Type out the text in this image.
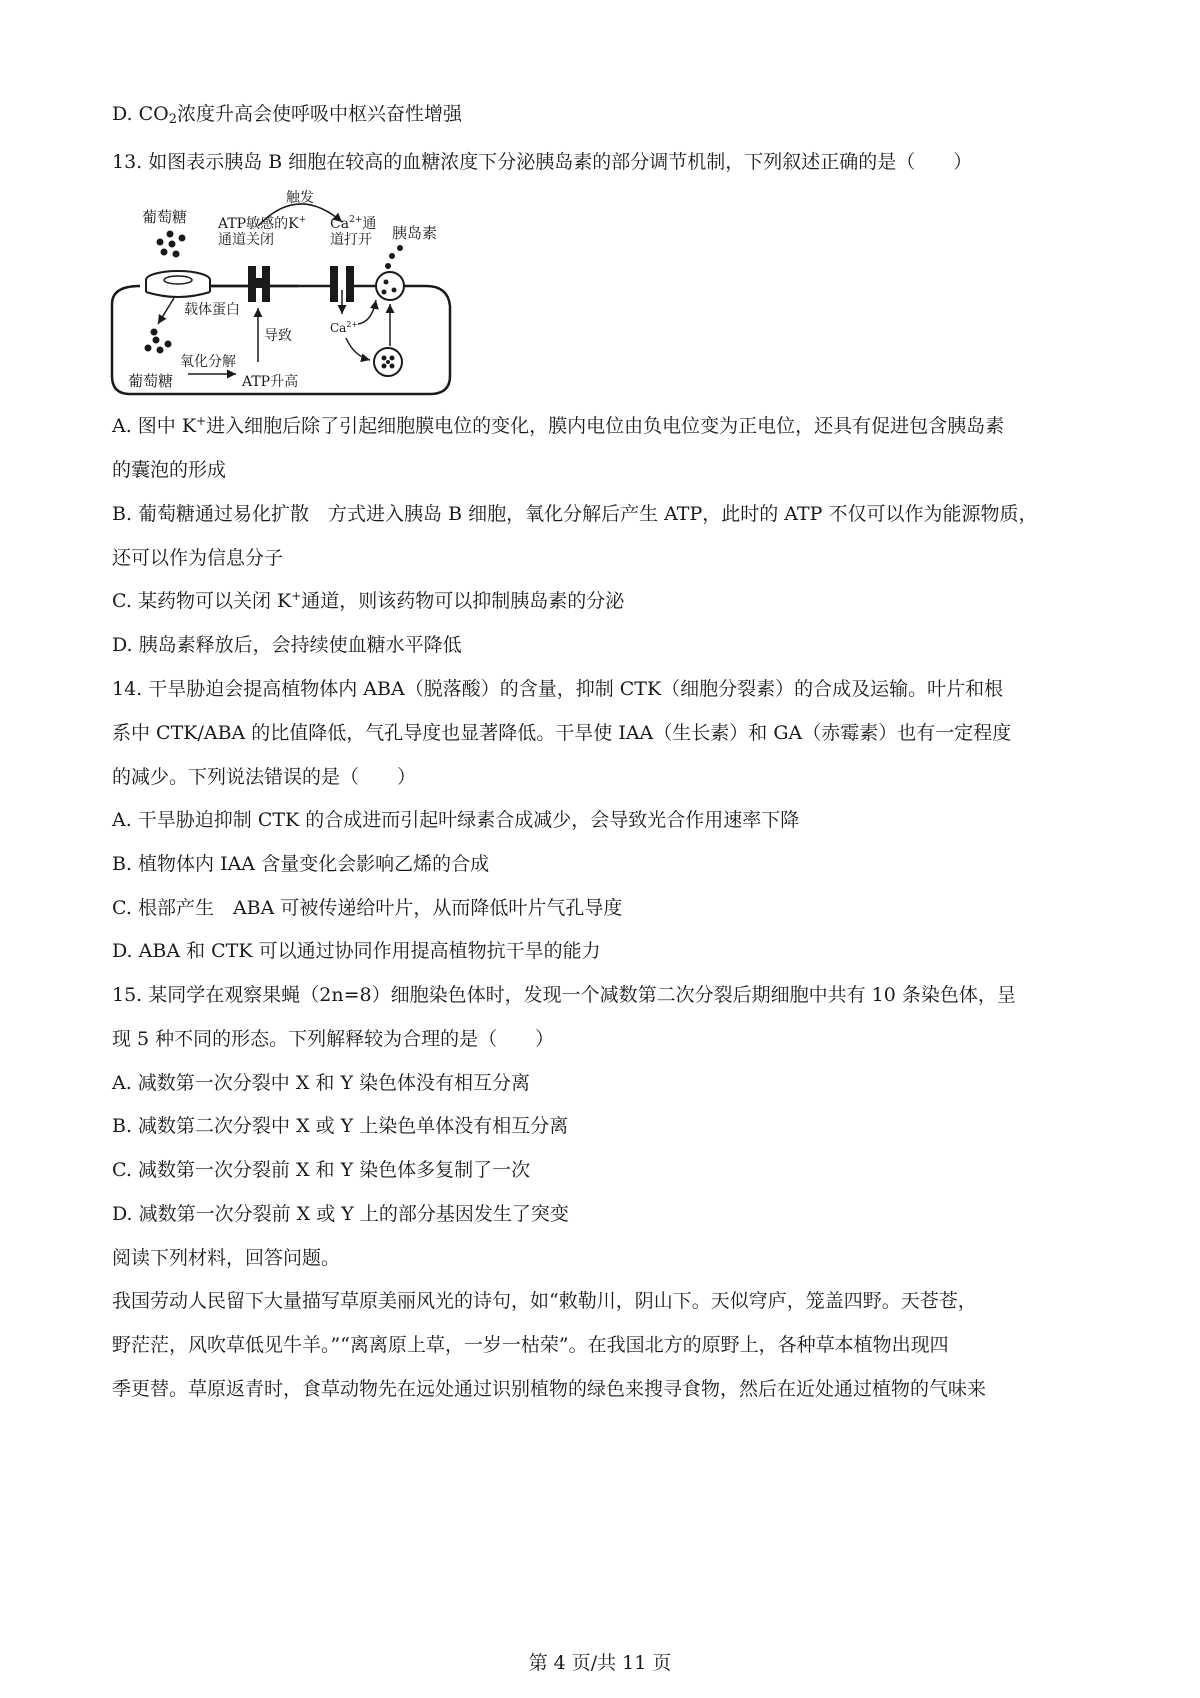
D. $CO_2$浓度升高会使呼吸中枢兴奋性增强
13. 如图表示胰岛 B 细胞在较高的血糖浓度下分泌胰岛素的部分调节机制，下列叙述正确的是（　　）
葡萄糖 ATP敏感的K+
通道关闭
触发
$Ca^{2+}$通
道打开 胰岛素
载体蛋白
导致	$Ca^{2+}$
葡萄糖
氧化分解
ATP升高
A. 图中 K+进入细胞后除了引起细胞膜电位的变化，膜内电位由负电位变为正电位，还具有促进包含胰岛素
的囊泡的形成
B. 葡萄糖通过易化扩散　方式进入胰岛 B 细胞，氧化分解后产生 ATP，此时的 ATP 不仅可以作为能源物质，
还可以作为信息分子
C. 某药物可以关闭 K+通道，则该药物可以抑制胰岛素的分泌
D. 胰岛素释放后，会持续使血糖水平降低
14. 干旱胁迫会提高植物体内 ABA（脱落酸）的含量，抑制 CTK（细胞分裂素）的合成及运输。叶片和根
系中 CTK/ABA 的比值降低，气孔导度也显著降低。干旱使 IAA（生长素）和 GA（赤霉素）也有一定程度
的减少。下列说法错误的是（　　）
A. 干旱胁迫抑制 CTK 的合成进而引起叶绿素合成减少，会导致光合作用速率下降
B. 植物体内 IAA 含量变化会影响乙烯的合成
C. 根部产生　ABA 可被传递给叶片，从而降低叶片气孔导度
D. ABA 和 CTK 可以通过协同作用提高植物抗干旱的能力
15. 某同学在观察果蝇（2n=8）细胞染色体时，发现一个减数第二次分裂后期细胞中共有 10 条染色体，呈
现 5 种不同的形态。下列解释较为合理的是（　　）
A. 减数第一次分裂中 X 和 Y 染色体没有相互分离
B. 减数第二次分裂中 X 或 Y 上染色单体没有相互分离
C. 减数第一次分裂前 X 和 Y 染色体多复制了一次
D. 减数第一次分裂前 X 或 Y 上的部分基因发生了突变
阅读下列材料，回答问题。
我国劳动人民留下大量描写草原美丽风光的诗句，如“敕勒川，阴山下。天似穹庐，笼盖四野。天苍苍，
野茫茫，风吹草低见牛羊。”“离离原上草，一岁一枯荣”。在我国北方的原野上，各种草本植物出现四
季更替。草原返青时，食草动物先在远处通过识别植物的绿色来搜寻食物，然后在近处通过植物的气味来
第 4 页/共 11 页
